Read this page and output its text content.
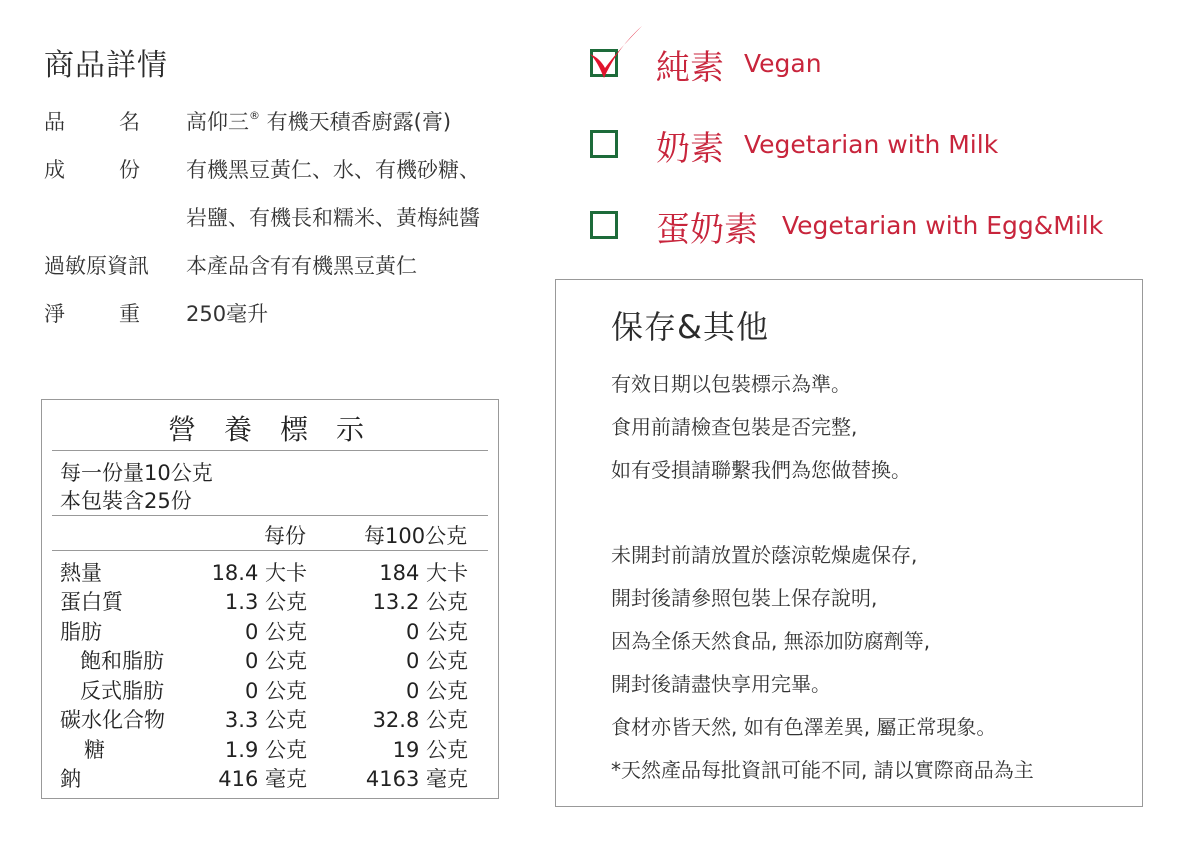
商品詳情
品	名 高仰三® 有機天積香廚露(膏)
成	份 有機黑豆黃仁、水、有機砂糖、
岩鹽、有機長和糯米、黃梅純醬
過敏原資訊 本產品含有有機黑豆黃仁
淨	重 250毫升
營養標示
每一份量10公克
本包裝含25份
每份	每100公克
熱量	18.4 大卡	184 大卡
蛋白質	1.3 公克	13.2 公克
脂肪	0 公克	0 公克
飽和脂肪	0 公克	0 公克
反式脂肪	0 公克	0 公克
碳水化合物	3.3 公克	32.8 公克
糖	1.9 公克	19 公克
鈉	416 毫克	4163 毫克
純素 Vegan
奶素 Vegetarian with Milk
蛋奶素 Vegetarian with Egg&Milk
保存&其他
有效日期以包裝標示為準。
食用前請檢查包裝是否完整,
如有受損請聯繫我們為您做替換。
未開封前請放置於蔭涼乾燥處保存,
開封後請參照包裝上保存說明,
因為全係天然食品, 無添加防腐劑等,
開封後請盡快享用完畢。
食材亦皆天然, 如有色澤差異, 屬正常現象。
*天然產品每批資訊可能不同, 請以實際商品為主
